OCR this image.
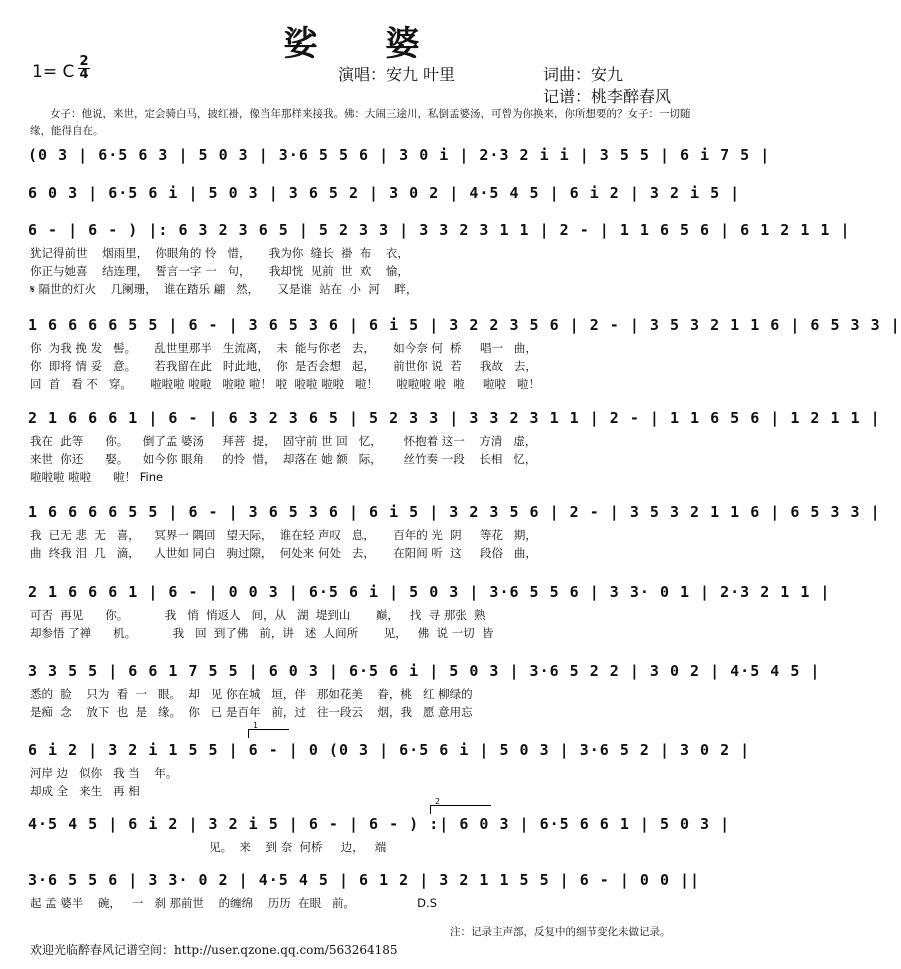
娑 婆
1= C
2
4	演唱：安九 叶里	词曲：安九
记谱：桃李醉春风
女子：他说，来世，定会骑白马，披红褂，像当年那样来接我。佛：大闹三途川，私倒孟婆汤，可曾为你换来，你所想要的？女子：一切随缘，能得自在。
(0 3 | 6·5 6 3 | 5 0 3 | 3·6 5 5 6 | 3 0 i | 2·3 2 i i | 3 5 5 | 6 i 7 5 |
6 0 3 | 6·5 6 i | 5 0 3 | 3 6 5 2 | 3 0 2 | 4·5 4 5 | 6 i 2 | 3 2 i 5 |
6 - | 6 - ) |: 6 3 2 3 6 5 | 5 2 3 3 | 3 3 2 3 1 1 | 2 - | 1 1 6 5 6 | 6 1 2 1 1 |
犹记得前世    烟雨里，  你眼角的 怜   惜，     我为你  缝长  褂  布    衣，
你正与她喜    结连理，  誓言一字 一   句，     我却恍  见前  世  欢    愉，
𝄋 隔世的灯火    几阑珊，  谁在踏乐 翩   然，     又是谁  站在  小  河    畔，
1 6 6 6 6 5 5 | 6 - | 3 6 5 3 6 | 6 i 5 | 3 2 2 3 5 6 | 2 - | 3 5 3 2 1 1 6 | 6 5 3 3 |
你  为我 挽 发   髻。     乱世里那半   生流离，  未  能与你老   去，     如今奈 何  桥     唱一   曲，
你  即将 情 妥   意。     若我留在此   时此地，  你  是否会想   起，     前世你 说  若     我故   去，
回  首   看 不   穿。     啦啦啦 啦啦   啦啦 啦！ 啦  啦啦 啦啦   啦！     啦啦啦 啦  啦     啦啦   啦！
2 1 6 6 6 1 | 6 - | 6 3 2 3 6 5 | 5 2 3 3 | 3 3 2 3 1 1 | 2 - | 1 1 6 5 6 | 1 2 1 1 |
我在  此等      你。    倒了孟 婆汤     拜菩  提，  固守前 世 回   忆，      怀抱着 这一    方清   虚，
来世  你还      娶。    如今你 眼角     的怜  惜，  却落在 她 额   际，      丝竹奏 一段    长相   忆，
啦啦啦 啦啦      啦！ Fine
1 6 6 6 6 5 5 | 6 - | 3 6 5 3 6 | 6 i 5 | 3 2 3 5 6 | 2 - | 3 5 3 2 1 1 6 | 6 5 3 3 |
我  已无 悲  无   喜，    冥界一 隅回   望天际，  谁在轻 声叹   息，     百年的 光  阴     等花   期，
曲  终我 泪  几   滴，    人世如 同白   驹过隙，  何处来 何处   去，     在阳间 听  这     段俗   曲，
2 1 6 6 6 1 | 6 - | 0 0 3 | 6·5 6 i | 5 0 3 | 3·6 5 5 6 | 3 3· 0 1 | 2·3 2 1 1 |
可否  再见      你。          我   悄  悄返人   间，从   湖  堤到山       巅，   找  寻 那张  熟
却参悟 了禅      机。          我   回  到了佛   前，讲   述  人间所       见，   佛  说 一切  皆
3 3 5 5 | 6 6 1 7 5 5 | 6 0 3 | 6·5 6 i | 5 0 3 | 3·6 5 2 2 | 3 0 2 | 4·5 4 5 |
悉的  脸    只为  看  一   眼。  却   见 你在城   垣，伴   那如花美    眷，桃   红 柳绿的
是痴  念    放下  也  是   缘。  你   已 是百年   前，过   往一段云    烟，我   愿 意用忘
6 i 2 | 3 2 i 1 5 5 | 6 - | 0 (0 3 | 6·5 6 i | 5 0 3 | 3·6 5 2 | 3 0 2 |
河岸 边   似你   我 当    年。
却成 全   来生   再 相
4·5 4 5 | 6 i 2 | 3 2 i 5 | 6 - | 6 - ) :| 6 0 3 | 6·5 6 6 1 | 5 0 3 |
见。  来    到 奈  何桥     边，   端
3·6 5 5 6 | 3 3· 0 2 | 4·5 4 5 | 6 1 2 | 3 2 1 1 5 5 | 6 - | 0 0 ||
起 孟 婆半    碗，   一   刹 那前世    的缠绵    历历  在眼   前。                 D.S
1
2
注：记录主声部，反复中的细节变化未做记录。
欢迎光临醉春风记谱空间：http://user.qzone.qq.com/563264185
